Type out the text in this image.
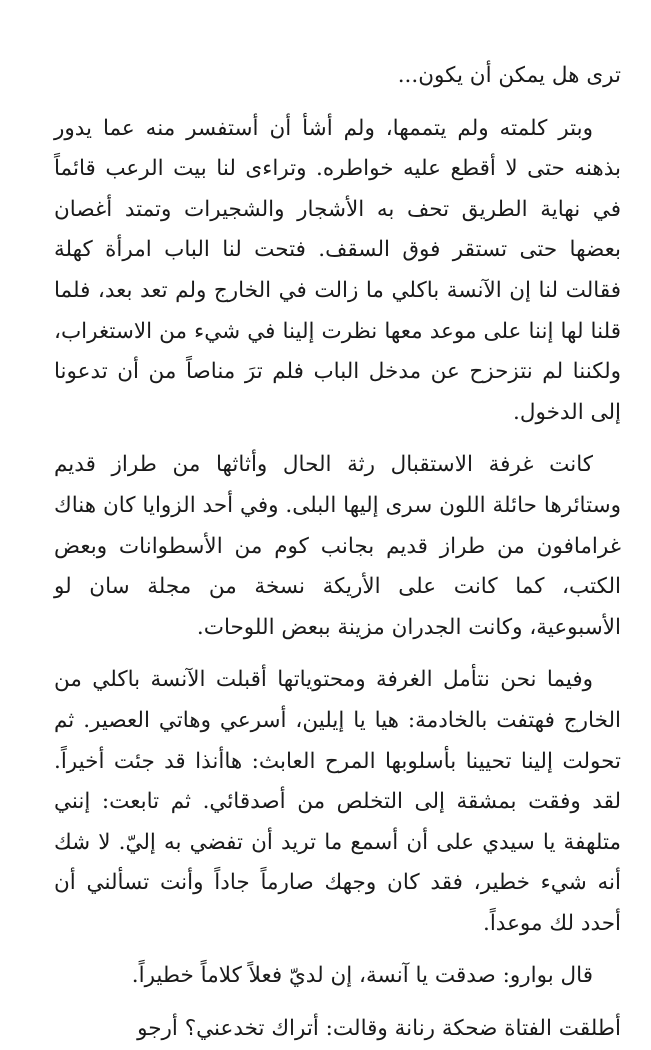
ترى هل يمكن أن يكون...

وبتر كلمته ولم يتممها، ولم أشأ أن أستفسر منه عما يدور بذهنه حتى لا أقطع عليه خواطره. وتراءى لنا بيت الرعب قائماً في نهاية الطريق تحف به الأشجار والشجيرات وتمتد أغصان بعضها حتى تستقر فوق السقف. فتحت لنا الباب امرأة كهلة فقالت لنا إن الآنسة باكلي ما زالت في الخارج ولم تعد بعد، فلما قلنا لها إننا على موعد معها نظرت إلينا في شيء من الاستغراب، ولكننا لم نتزحزح عن مدخل الباب فلم ترَ مناصاً من أن تدعونا إلى الدخول.

كانت غرفة الاستقبال رثة الحال وأثاثها من طراز قديم وستائرها حائلة اللون سرى إليها البلى. وفي أحد الزوايا كان هناك غرامافون من طراز قديم بجانب كوم من الأسطوانات وبعض الكتب، كما كانت على الأريكة نسخة من مجلة سان لو الأسبوعية، وكانت الجدران مزينة ببعض اللوحات.

وفيما نحن نتأمل الغرفة ومحتوياتها أقبلت الآنسة باكلي من الخارج فهتفت بالخادمة: هيا يا إيلين، أسرعي وهاتي العصير. ثم تحولت إلينا تحيينا بأسلوبها المرح العابث: هاأنذا قد جئت أخيراً. لقد وفقت بمشقة إلى التخلص من أصدقائي. ثم تابعت: إنني متلهفة يا سيدي على أن أسمع ما تريد أن تفضي به إليّ. لا شك أنه شيء خطير، فقد كان وجهك صارماً جاداً وأنت تسألني أن أحدد لك موعداً.

قال بوارو: صدقت يا آنسة، إن لديّ فعلاً كلاماً خطيراً.

أطلقت الفتاة ضحكة رنانة وقالت: أتراك تخدعني؟ أرجو
